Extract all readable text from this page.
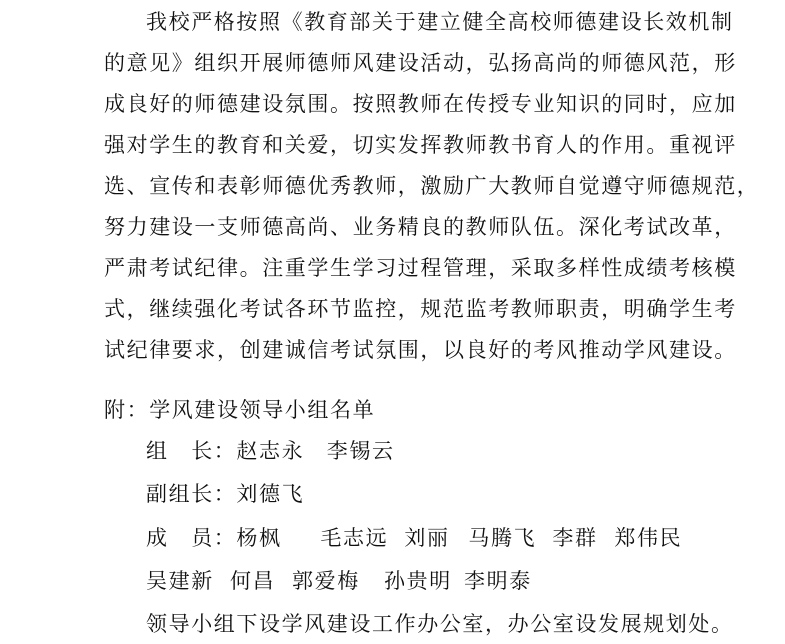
我校严格按照《教育部关于建立健全高校师德建设长效机制
的意见》组织开展师德师风建设活动，弘扬高尚的师德风范，形
成良好的师德建设氛围。按照教师在传授专业知识的同时，应加
强对学生的教育和关爱，切实发挥教师教书育人的作用。重视评
选、宣传和表彰师德优秀教师，激励广大教师自觉遵守师德规范，
努力建设一支师德高尚、业务精良的教师队伍。深化考试改革，
严肃考试纪律。注重学生学习过程管理，采取多样性成绩考核模
式，继续强化考试各环节监控，规范监考教师职责，明确学生考
试纪律要求，创建诚信考试氛围，以良好的考风推动学风建设。
附：学风建设领导小组名单
组　长：赵志永　李锡云
副组长：刘德飞
成　员：杨枫 毛志远 刘丽 马腾飞 李群 郑伟民
吴建新 何昌 郭爱梅 孙贵明 李明泰
领导小组下设学风建设工作办公室，办公室设发展规划处。
